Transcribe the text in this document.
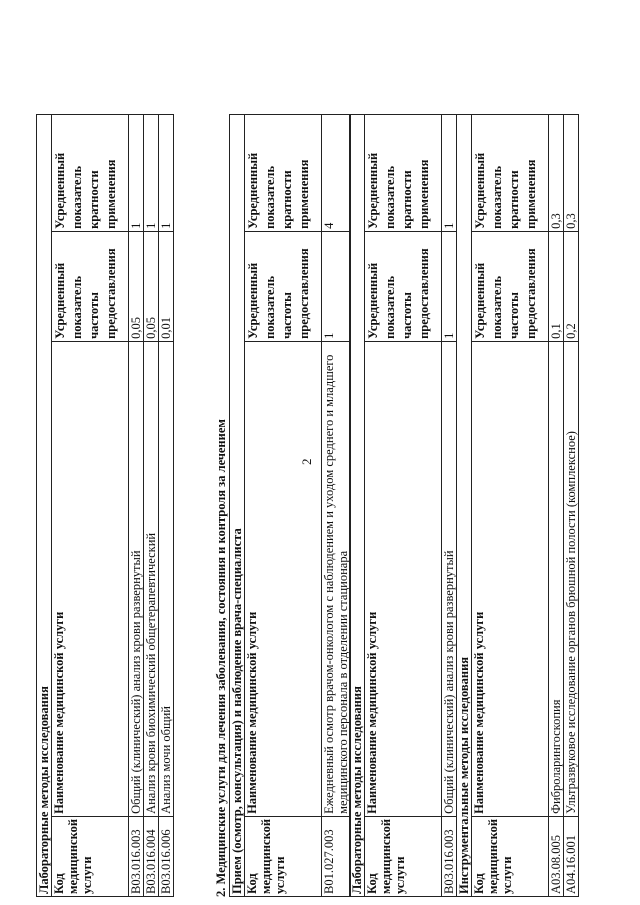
2
Лабораторные методы исследования			
Код медицинской услуги	Наименование медицинской услуги	Усредненный показатель частоты предоставления	Усредненный показатель кратности применения
B03.016.003	Общий (клинический) анализ крови развернутый	0,05	1
B03.016.004	Анализ крови биохимический общетерапевтический	0,05	1
B03.016.006	Анализ мочи общий	0,01	1
2. Медицинские услуги для лечения заболевания, состояния и контроля за лечением Прием (осмотр, консультация) и наблюдение врача-специалиста			
Код медицинской услуги	Наименование медицинской услуги	Усредненный показатель частоты предоставления	Усредненный показатель кратности применения
B01.027.003	Ежедневный осмотр врачом-онкологом с наблюдением и уходом среднего и младшего медицинского персонала в отделении стационара	1	4
Лабораторные методы исследования			
Код медицинской услуги	Наименование медицинской услуги	Усредненный показатель частоты предоставления	Усредненный показатель кратности применения
B03.016.003	Общий (клинический) анализ крови развернутый	1	1
Инструментальные методы исследования			
Код медицинской услуги	Наименование медицинской услуги	Усредненный показатель частоты предоставления	Усредненный показатель кратности применения
A03.08.005	Фиброларингоскопия	0,1	0,3
A04.16.001	Ультразвуковое исследование органов брюшной полости (комплексное)	0,2	0,3
